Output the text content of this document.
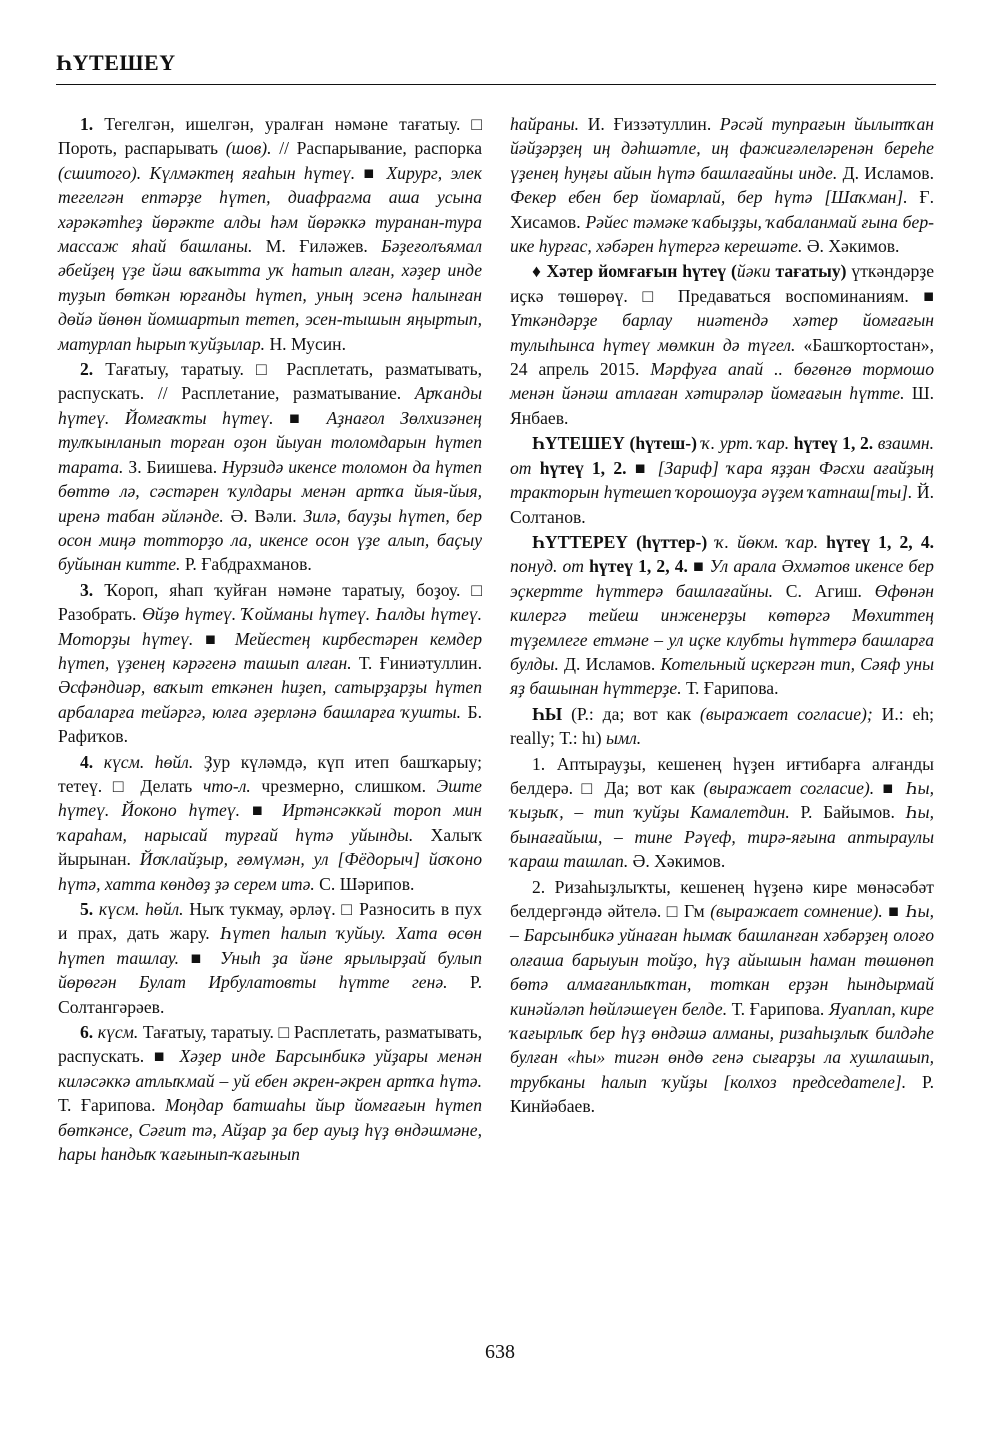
ҺҮТЕШЕҮ

1. Тегелгән, ишелгән, уралған нәмәне тағатыу. □ Пороть, распарывать (шов). // Распарывание, распорка (сшитого). Күлмәктең яғаһын һүтеү. ■ Хирург, элек тегелгән ептәрҙе һүтеп, диафрагма аша усына хәрәкәтһеҙ йөрәкте алды һәм йөрәккә туранан-тура массаж яһай башланы. М. Ғиләжев. Бәҙеғолъямал әбейҙең үҙе йәш ваҡытта уҡ һатып алған, хәҙер инде туҙып бөткән юрғанды һүтеп, уның эсенә һалынған дөйә йөнөн йомшартып тетеп, эсен-тышын яңыртып, матурлап һырып ҡуйҙылар. Н. Мусин.

2. Тағатыу, таратыу. □ Расплетать, разматывать, распускать. // Расплетание, разматывание. Арҡанды һүтеү. Йомғаҡты һүтеү. ■ Аҙнағол Зөлхизәнең тулҡынланып торған оҙон йыуан толомдарын һүтеп тарата. З. Биишева. Нурзидә икенсе толомон да һүтеп бөттө лә, сәстәрен ҡулдары менән артҡа йыя-йыя, иренә табан әйләнде. Ә. Вәли. Зилә, бауҙы һүтеп, бер осон миңә тотторҙо ла, икенсе осон үҙе алып, баҫыу буйынан китте. Р. Ғабдрахманов.

3. Ҡороп, яһап ҡуйған нәмәне таратыу, боҙоу. □ Разобрать. Өйҙө һүтеү. Ҡойманы һүтеү. Һалды һүтеү. Моторҙы һүтеү. ■ Мейестең кирбестәрен кемдер һүтеп, үҙенең кәрәгенә ташып алған. Т. Ғиниәтуллин. Әсфәндиәр, ваҡыт еткәнен һиҙеп, сатырҙарҙы һүтеп арбаларға тейәргә, юлға әҙерләнә башларға ҡушты. Б. Рафиҡов.

4. күсм. һөйл. Ҙур күләмдә, күп итеп башҡарыу; тетеү. □ Делать что-л. чрезмерно, слишком. Эште һүтеү. Йоконо һүтеү. ■ Иртәнсәккәй тороп мин ҡараһам, нарысай турғай һүтә уйынды. Халыҡ йырынан. Йоҡлайҙыр, ғөмүмән, ул [Фёдорыч] йоҡоно һүтә, хатта көндөҙ ҙә серем итә. С. Шәрипов.

5. күсм. һөйл. Ныҡ тукмау, әрләү. □ Разносить в пух и прах, дать жару. Һүтеп һалып ҡуйыу. Хата өсөн һүтеп ташлау. ■ Уныһ ҙа йәне ярылырҙай булып йөрөгән Булат Ирбулатовты һүтте генә. Р. Солтангәрәев.

6. күсм. Тағатыу, таратыу. □ Расплетать, разматывать, распускать. ■ Хәҙер инде Барсынбикә уйҙары менән киләсәккә атлыҡмай – уй ебен әкрен-әкрен артҡа һүтә. Т. Ғарипова. Моңдар батшаһы йыр йомғағын һүтеп бөткәнсе, Сәғит тә, Айҙар ҙа бер ауыҙ һүҙ өндәшмәне, һары һандыҡ ҡағынып-ҡағынып

һайраны. И. Ғиззәтуллин. Рәсәй тупрағын йылытҡан йәйҙәрҙең иң дәһшәтле, иң фажиғәлеләренән береһе үҙенең һуңғы айын һүтә башлағайны инде. Д. Исламов. Фекер ебен бер йомарлай, бер һүтә [Шаҡман]. Ғ. Хисамов. Рәйес тәмәке ҡабыҙҙы, ҡабаланмай ғына бер-ике һурғас, хәбәрен һүтергә керешәте. Ә. Хәкимов.

♦ Хәтер йомғағын һүтеү (йәки тағатыу) үткәндәрҙе иҫкә төшөрөү. □ Предаваться воспоминаниям. ■ Үткәндәрҙе барлау ниәтендә хәтер йомғағын тулыһынса һүтеү мөмкин дә түгел. «Башҡортостан», 24 апрель 2015. Мәрфуға апай .. бөгөнгө тормошо менән йәнәш атлаған хәтирәләр йомғағын һүтте. Ш. Янбаев.

ҺҮТЕШЕҮ (һүтеш-) ҡ. урт. ҡар. һүтеү 1, 2. взаимн. от һүтеү 1, 2. ■ [Зариф] ҡара яҙҙан Фәсхи ағайҙың тракторын һүтешеп ҡорошоуҙа әүҙем ҡатнаш[ты]. Й. Солтанов.

ҺҮТТЕРЕҮ (һүттер-) ҡ. йөкм. ҡар. һүтеү 1, 2, 4. понуд. от һүтеү 1, 2, 4. ■ Ул арала Әхмәтов икенсе бер эҫкертте һүттерә башлағайны. С. Агиш. Өфөнән килергә тейеш инженерҙы көтөргә Мөхиттең түҙемлеге етмәне – ул иҫке клубты һүттерә башларға булды. Д. Исламов. Котельный иҫкергән тип, Сәяф уны яҙ башынан һүттерҙе. Т. Ғарипова.

ҺЫ (Р.: да; вот как (выражает согласие); И.: eh; really; Т.: hı) ымл.

1. Аптырауҙы, кешенең һүҙен иғтибарға алғанды белдерә. □ Да; вот как (выражает согласие). ■ Һы, ҡыҙыҡ, – тип ҡуйҙы Камалетдин. Р. Байымов. Һы, бынағайыш, – тине Рәүеф, тирә-яғына аптыраулы ҡараш ташлап. Ә. Хәкимов.

2. Ризаһыҙлыҡты, кешенең һүҙенә кире мөнәсәбәт белдергәндә әйтелә. □ Гм (выражает сомнение). ■ Һы, – Барсынбикә уйнаған һымаҡ башланған хәбәрҙең олоғо олғаша барыуын тойҙо, һүҙ айышын һаман төшөнөп бөтә алмағанлыҡтан, тоткан ерҙән һындырмай кинәйәләп һөйләшеүен белде. Т. Ғарипова. Яуаплап, кире ҡағырлыҡ бер һүҙ өндәшә алманы, ризаһыҙлыҡ билдәһе булған «һы» тигән өндө генә сығарҙы ла хушлашып, трубканы һалып ҡуйҙы [колхоз председателе]. Р. Кинйәбаев.

638
